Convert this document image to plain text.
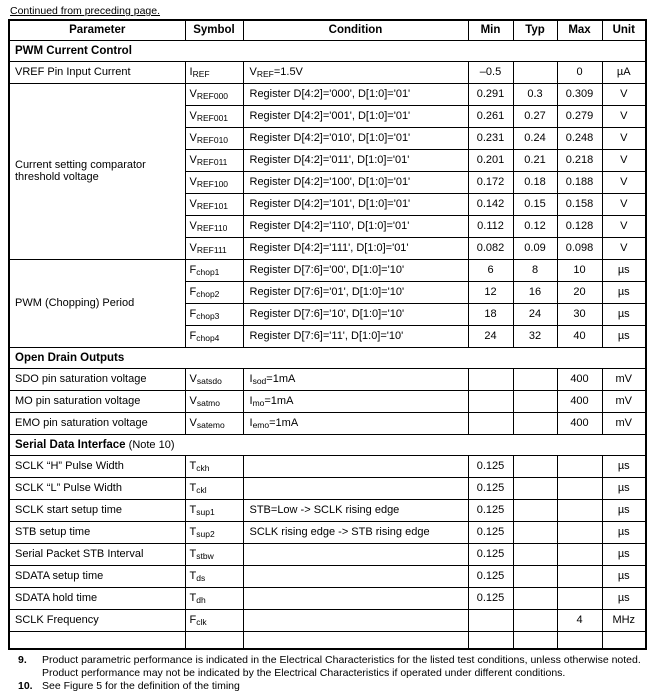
Continued from preceding page.
Parameter	Symbol	Condition	Min	Typ	Max	Unit
PWM Current Control						
VREF Pin Input Current	$I_{REF}$	$V_{REF}=1.5V$	–0.5		0	µA
Current setting comparator threshold voltage	$V_{REF000}$	Register D[4:2]='000', D[1:0]='01'	0.291	0.3	0.309	V
	$V_{REF001}$	Register D[4:2]='001', D[1:0]='01'	0.261	0.27	0.279	V
	$V_{REF010}$	Register D[4:2]='010', D[1:0]='01'	0.231	0.24	0.248	V
	$V_{REF011}$	Register D[4:2]='011', D[1:0]='01'	0.201	0.21	0.218	V
	$V_{REF100}$	Register D[4:2]='100', D[1:0]='01'	0.172	0.18	0.188	V
	$V_{REF101}$	Register D[4:2]='101', D[1:0]='01'	0.142	0.15	0.158	V
	$V_{REF110}$	Register D[4:2]='110', D[1:0]='01'	0.112	0.12	0.128	V
	$V_{REF111}$	Register D[4:2]='111', D[1:0]='01'	0.082	0.09	0.098	V
PWM (Chopping) Period	$F_{chop1}$	Register D[7:6]='00', D[1:0]='10'	6	8	10	µs
	$F_{chop2}$	Register D[7:6]='01', D[1:0]='10'	12	16	20	µs
	$F_{chop3}$	Register D[7:6]='10', D[1:0]='10'	18	24	30	µs
	$F_{chop4}$	Register D[7:6]='11', D[1:0]='10'	24	32	40	µs
Open Drain Outputs						
SDO pin saturation voltage	$V_{satsdo}$	$I_{sod}=1mA$			400	mV
MO pin saturation voltage	$V_{satmo}$	$I_{mo}=1mA$			400	mV
EMO pin saturation voltage	$V_{satemo}$	$I_{emo}=1mA$			400	mV
Serial Data Interface (Note 10)						
SCLK “H” Pulse Width	$T_{ckh}$		0.125			µs
SCLK “L” Pulse Width	$T_{ckl}$		0.125			µs
SCLK start setup time	$T_{sup1}$	STB=Low -> SCLK rising edge	0.125			µs
STB setup time	$T_{sup2}$	SCLK rising edge -> STB rising edge	0.125			µs
Serial Packet STB Interval	$T_{stbw}$		0.125			µs
SDATA setup time	$T_{ds}$		0.125			µs
SDATA hold time	$T_{dh}$		0.125			µs
SCLK Frequency	$F_{clk}$				4	MHz

9.	Product parametric performance is indicated in the Electrical Characteristics for the listed test conditions, unless otherwise noted. Product performance may not be indicated by the Electrical Characteristics if operated under different conditions.
10. See Figure 5 for the definition of the timing
